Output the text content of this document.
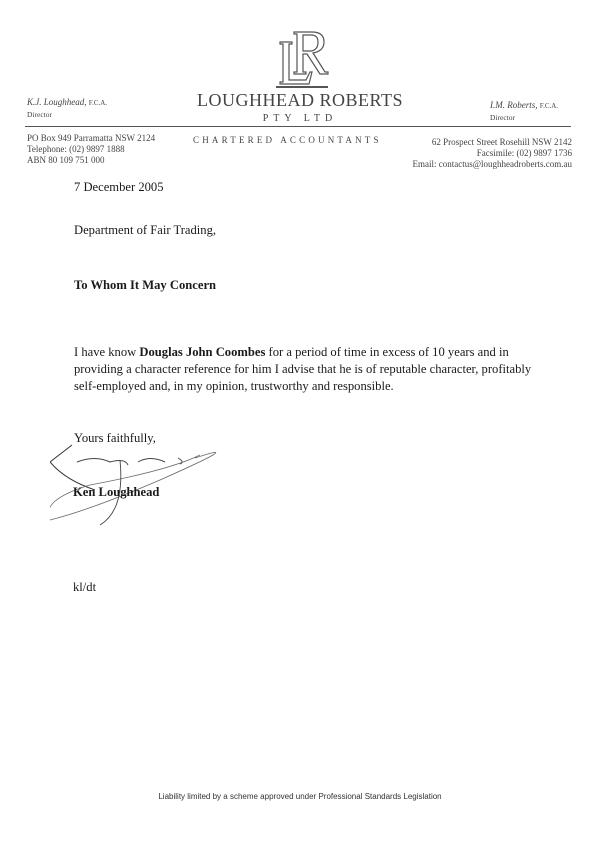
LOUGHHEAD ROBERTS
PTY LTD
K.J. Loughhead, F.C.A.
Director
I.M. Roberts, F.C.A.
Director
PO Box 949 Parramatta NSW 2124
Telephone: (02) 9897 1888
ABN 80 109 751 000
CHARTERED ACCOUNTANTS	62 Prospect Street Rosehill NSW 2142
Facsimile: (02) 9897 1736
Email: contactus@loughheadroberts.com.au
7 December 2005
Department of Fair Trading,
To Whom It May Concern
I have know Douglas John Coombes for a period of time in excess of 10 years and in
providing a character reference for him I advise that he is of reputable character, profitably
self-employed and, in my opinion, trustworthy and responsible.
Yours faithfully,
Ken Loughhead
kl/dt
Liability limited by a scheme approved under Professional Standards Legislation
